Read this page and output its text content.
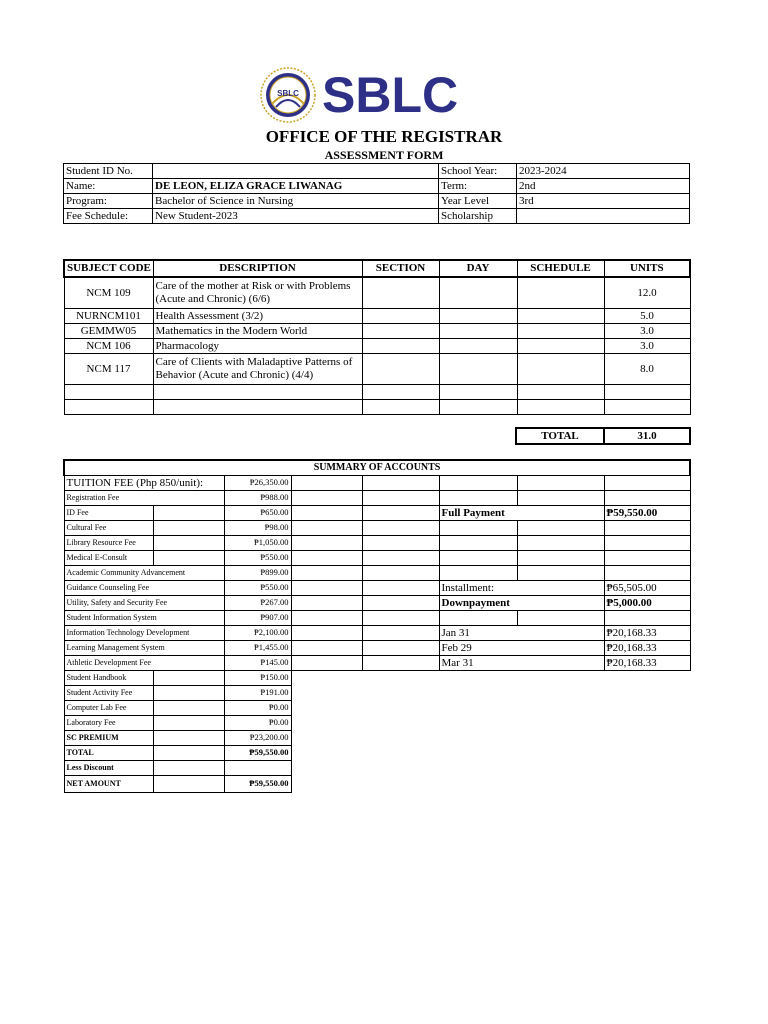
SBLC SBLC
OFFICE OF THE REGISTRAR
ASSESSMENT FORM
Student ID No.		School Year:	2023-2024
Name:	DE LEON, ELIZA GRACE LIWANAG	Term:	2nd
Program:	Bachelor of Science in Nursing	Year Level	3rd
Fee Schedule:	New Student-2023	Scholarship	
SUBJECT CODE	DESCRIPTION	SECTION	DAY	SCHEDULE	UNITS
NCM 109	Care of the mother at Risk or with Problems (Acute and Chronic) (6/6)				12.0
NURNCM101	Health Assessment (3/2)				5.0
GEMMW05	Mathematics in the Modern World				3.0
NCM 106	Pharmacology				3.0
NCM 117	Care of Clients with Maladaptive Patterns of Behavior (Acute and Chronic) (4/4)				8.0

TOTAL	31.0
SUMMARY OF ACCOUNTS							
TUITION FEE (Php 850/unit):		₱26,350.00					
Registration Fee		₱988.00					
ID Fee		₱650.00			Full Payment		₱59,550.00
Cultural Fee		₱98.00					
Library Resource Fee		₱1,050.00					
Medical E-Consult		₱550.00					
Academic Community Advancement		₱899.00					
Guidance Counseling Fee		₱550.00			Installment:		₱65,505.00
Utility, Safety and Security Fee		₱267.00			Downpayment		₱5,000.00
Student Information System		₱907.00					
Information Technology Development		₱2,100.00			Jan 31		₱20,168.33
Learning Management System		₱1,455.00			Feb 29		₱20,168.33
Athletic Development Fee		₱145.00			Mar 31		₱20,168.33
Student Handbook		₱150.00					
Student Activity Fee		₱191.00					
Computer Lab Fee		₱0.00					
Laboratory Fee		₱0.00					
SC PREMIUM		₱23,200.00					
TOTAL		₱59,550.00					
Less Discount							
NET AMOUNT		₱59,550.00					
